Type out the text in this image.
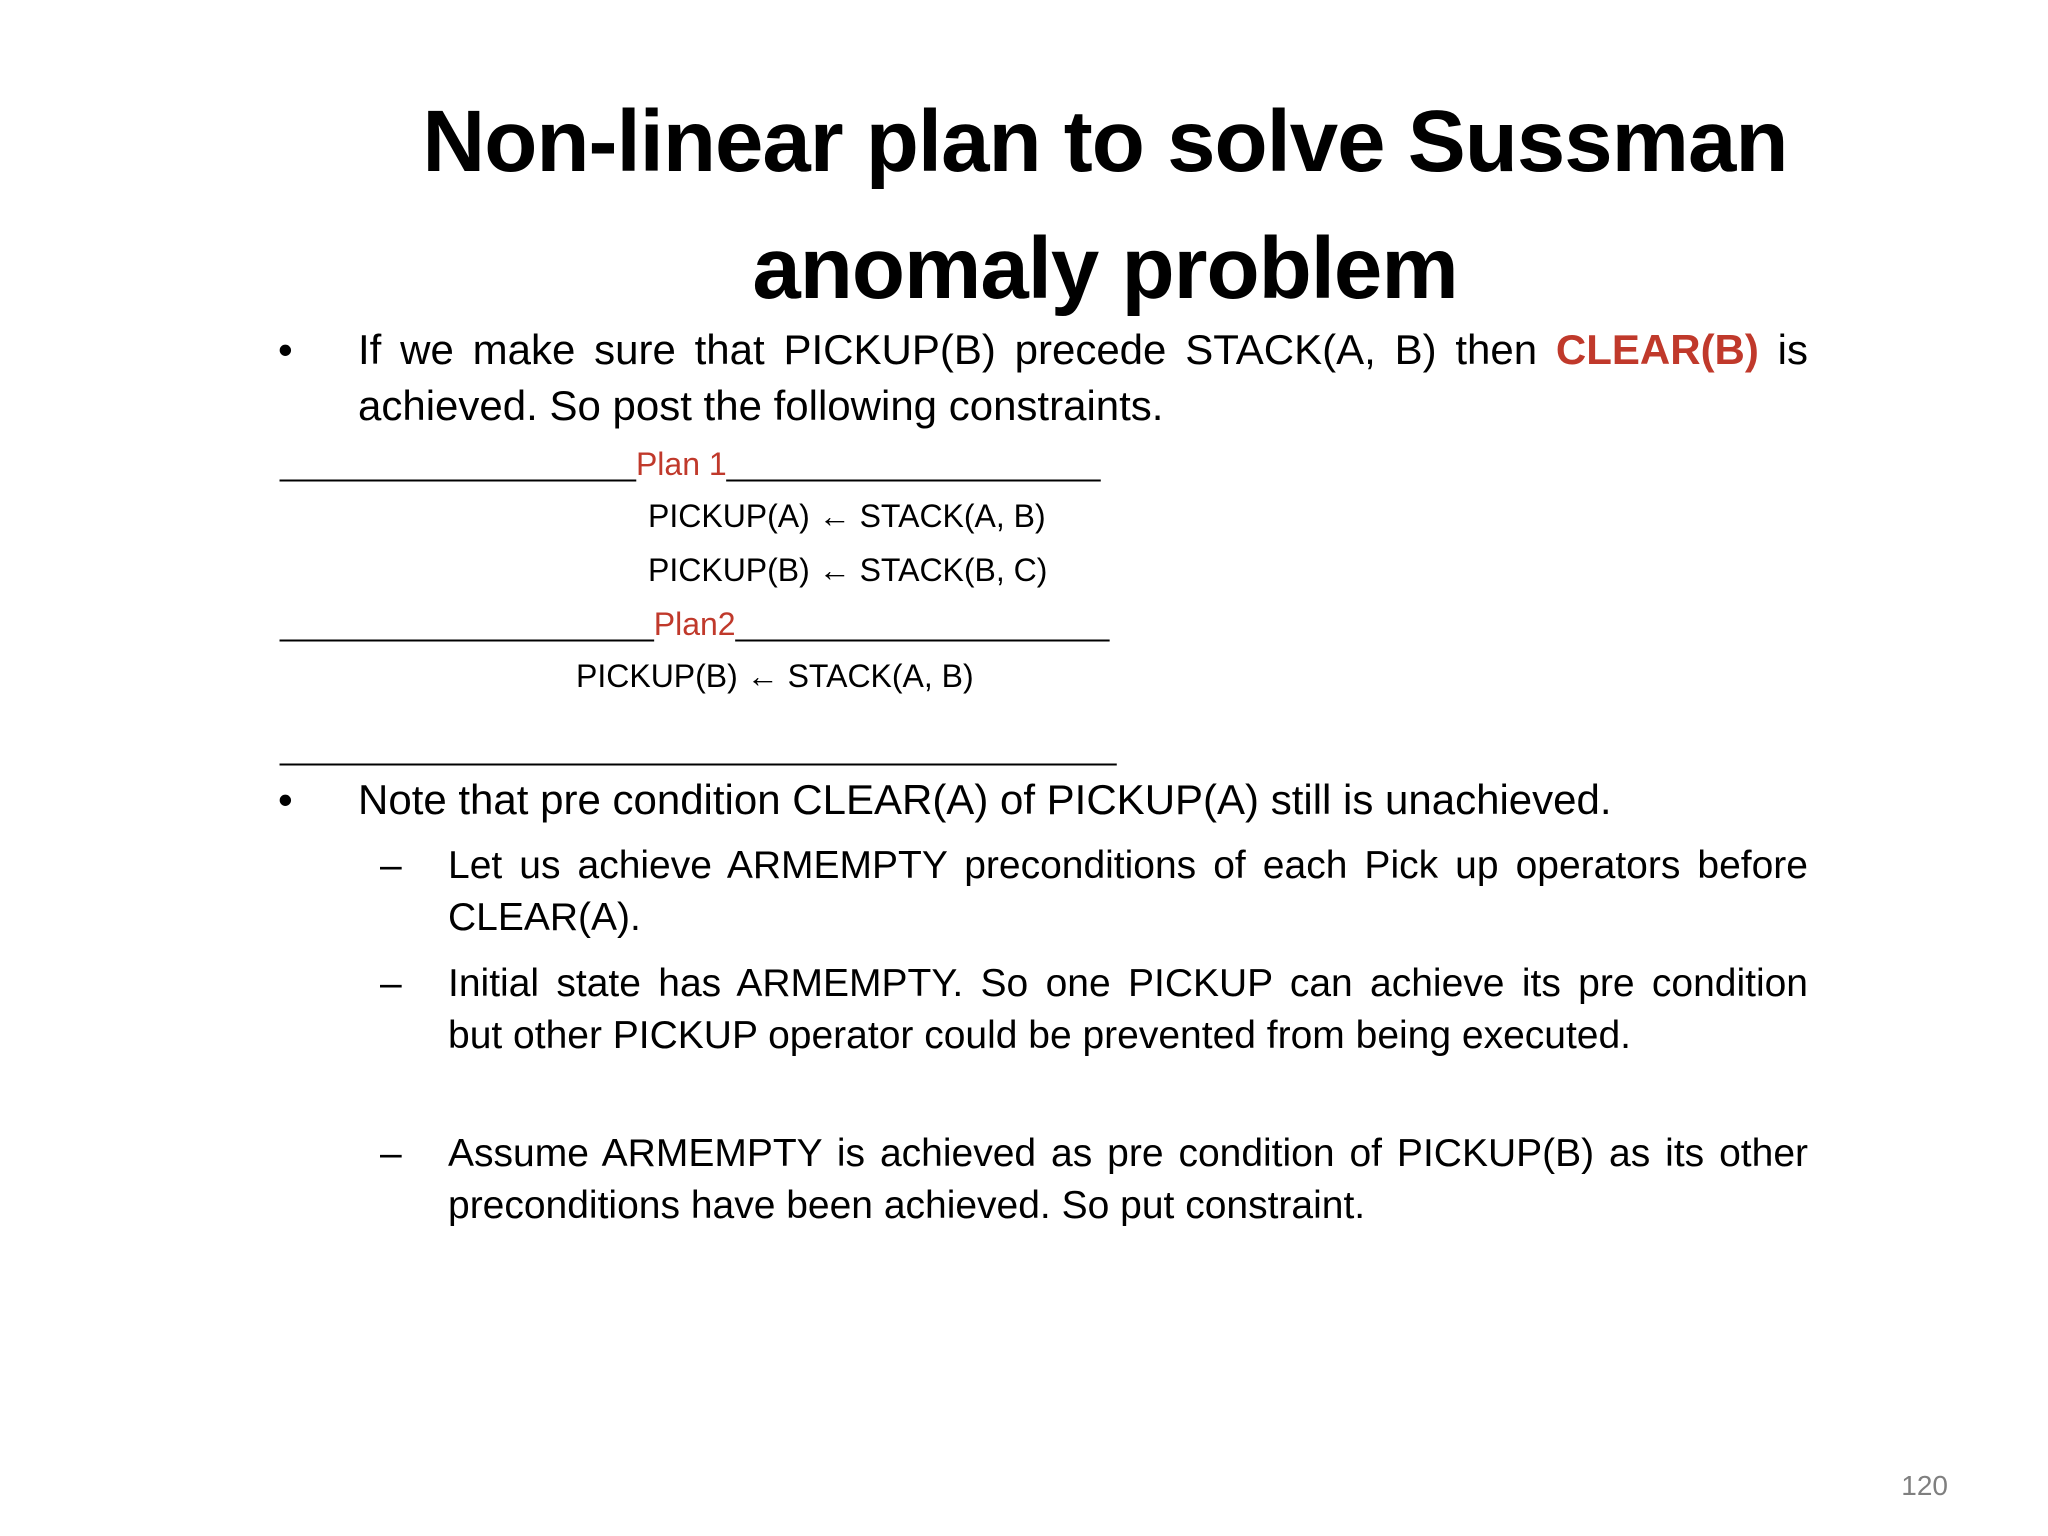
Non-linear plan to solve Sussman
anomaly problem
•	If we make sure that PICKUP(B) precede STACK(A, B) then CLEAR(B) is achieved. So post the following constraints.
____________________Plan 1_____________________
PICKUP(A) ← STACK(A, B)
PICKUP(B) ← STACK(B, C)
_____________________Plan2_____________________
PICKUP(B) ← STACK(A, B)
_______________________________________________
•	Note that pre condition CLEAR(A) of PICKUP(A) still is unachieved.
– Let us achieve ARMEMPTY preconditions of each Pick up operators before CLEAR(A).
– Initial state has ARMEMPTY. So one PICKUP can achieve its pre condition    but other PICKUP operator could be prevented from being executed.
– Assume ARMEMPTY is achieved as pre condition of PICKUP(B) as its other preconditions have been achieved. So put constraint.
120
